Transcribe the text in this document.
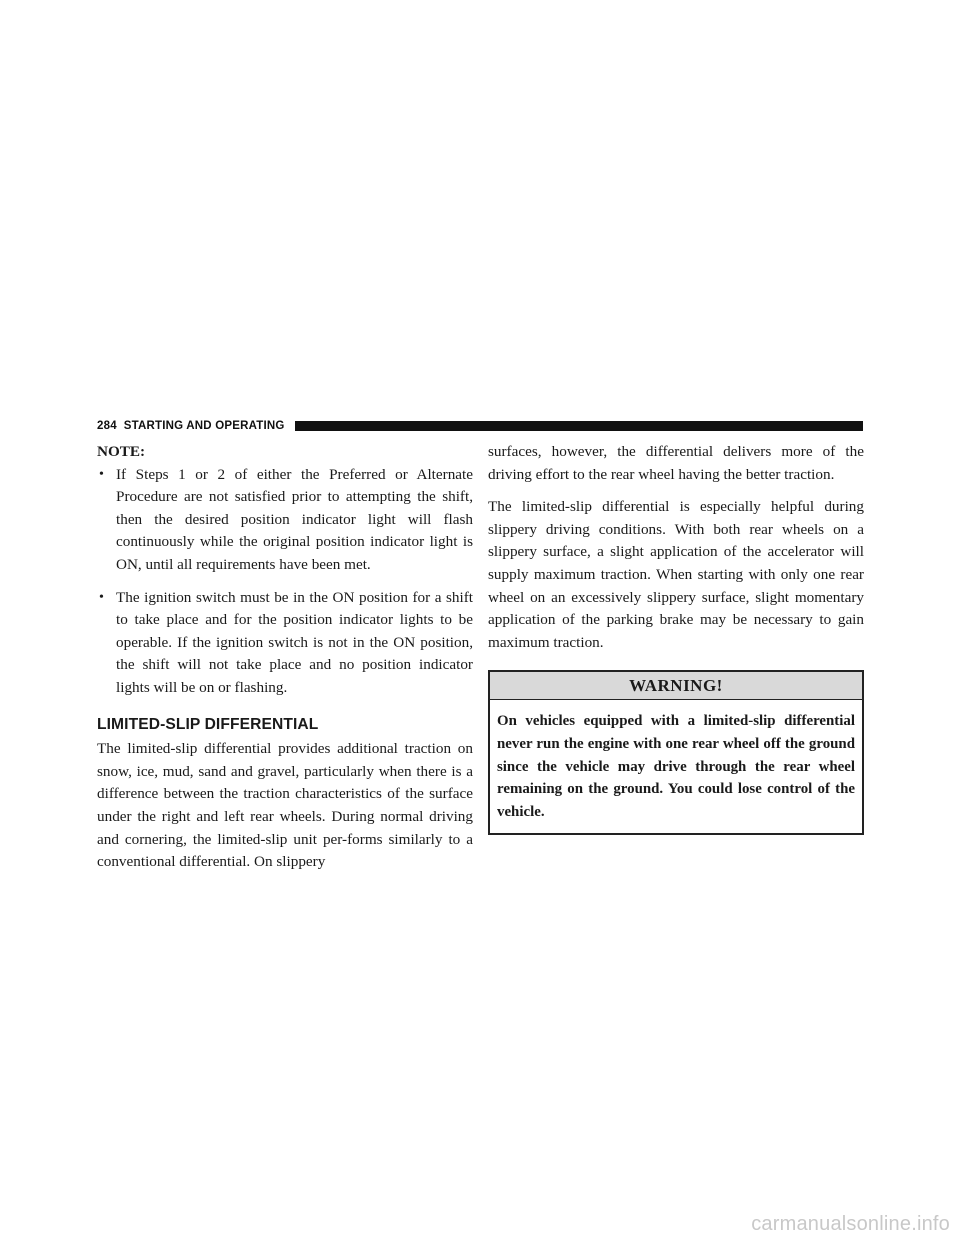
284 STARTING AND OPERATING
NOTE:
• If Steps 1 or 2 of either the Preferred or Alternate Procedure are not satisfied prior to attempting the shift, then the desired position indicator light will flash continuously while the original position indicator light is ON, until all requirements have been met.
• The ignition switch must be in the ON position for a shift to take place and for the position indicator lights to be operable. If the ignition switch is not in the ON position, the shift will not take place and no position indicator lights will be on or flashing.
LIMITED-SLIP DIFFERENTIAL

The limited-slip differential provides additional traction on snow, ice, mud, sand and gravel, particularly when there is a difference between the traction characteristics of the surface under the right and left rear wheels. During normal driving and cornering, the limited-slip unit per-forms similarly to a conventional differential. On slippery

surfaces, however, the differential delivers more of the driving effort to the rear wheel having the better traction.

The limited-slip differential is especially helpful during slippery driving conditions. With both rear wheels on a slippery surface, a slight application of the accelerator will supply maximum traction. When starting with only one rear wheel on an excessively slippery surface, slight momentary application of the parking brake may be necessary to gain maximum traction.

WARNING!
On vehicles equipped with a limited-slip differential never run the engine with one rear wheel off the ground since the vehicle may drive through the rear wheel remaining on the ground. You could lose control of the vehicle.
carmanualsonline.info
